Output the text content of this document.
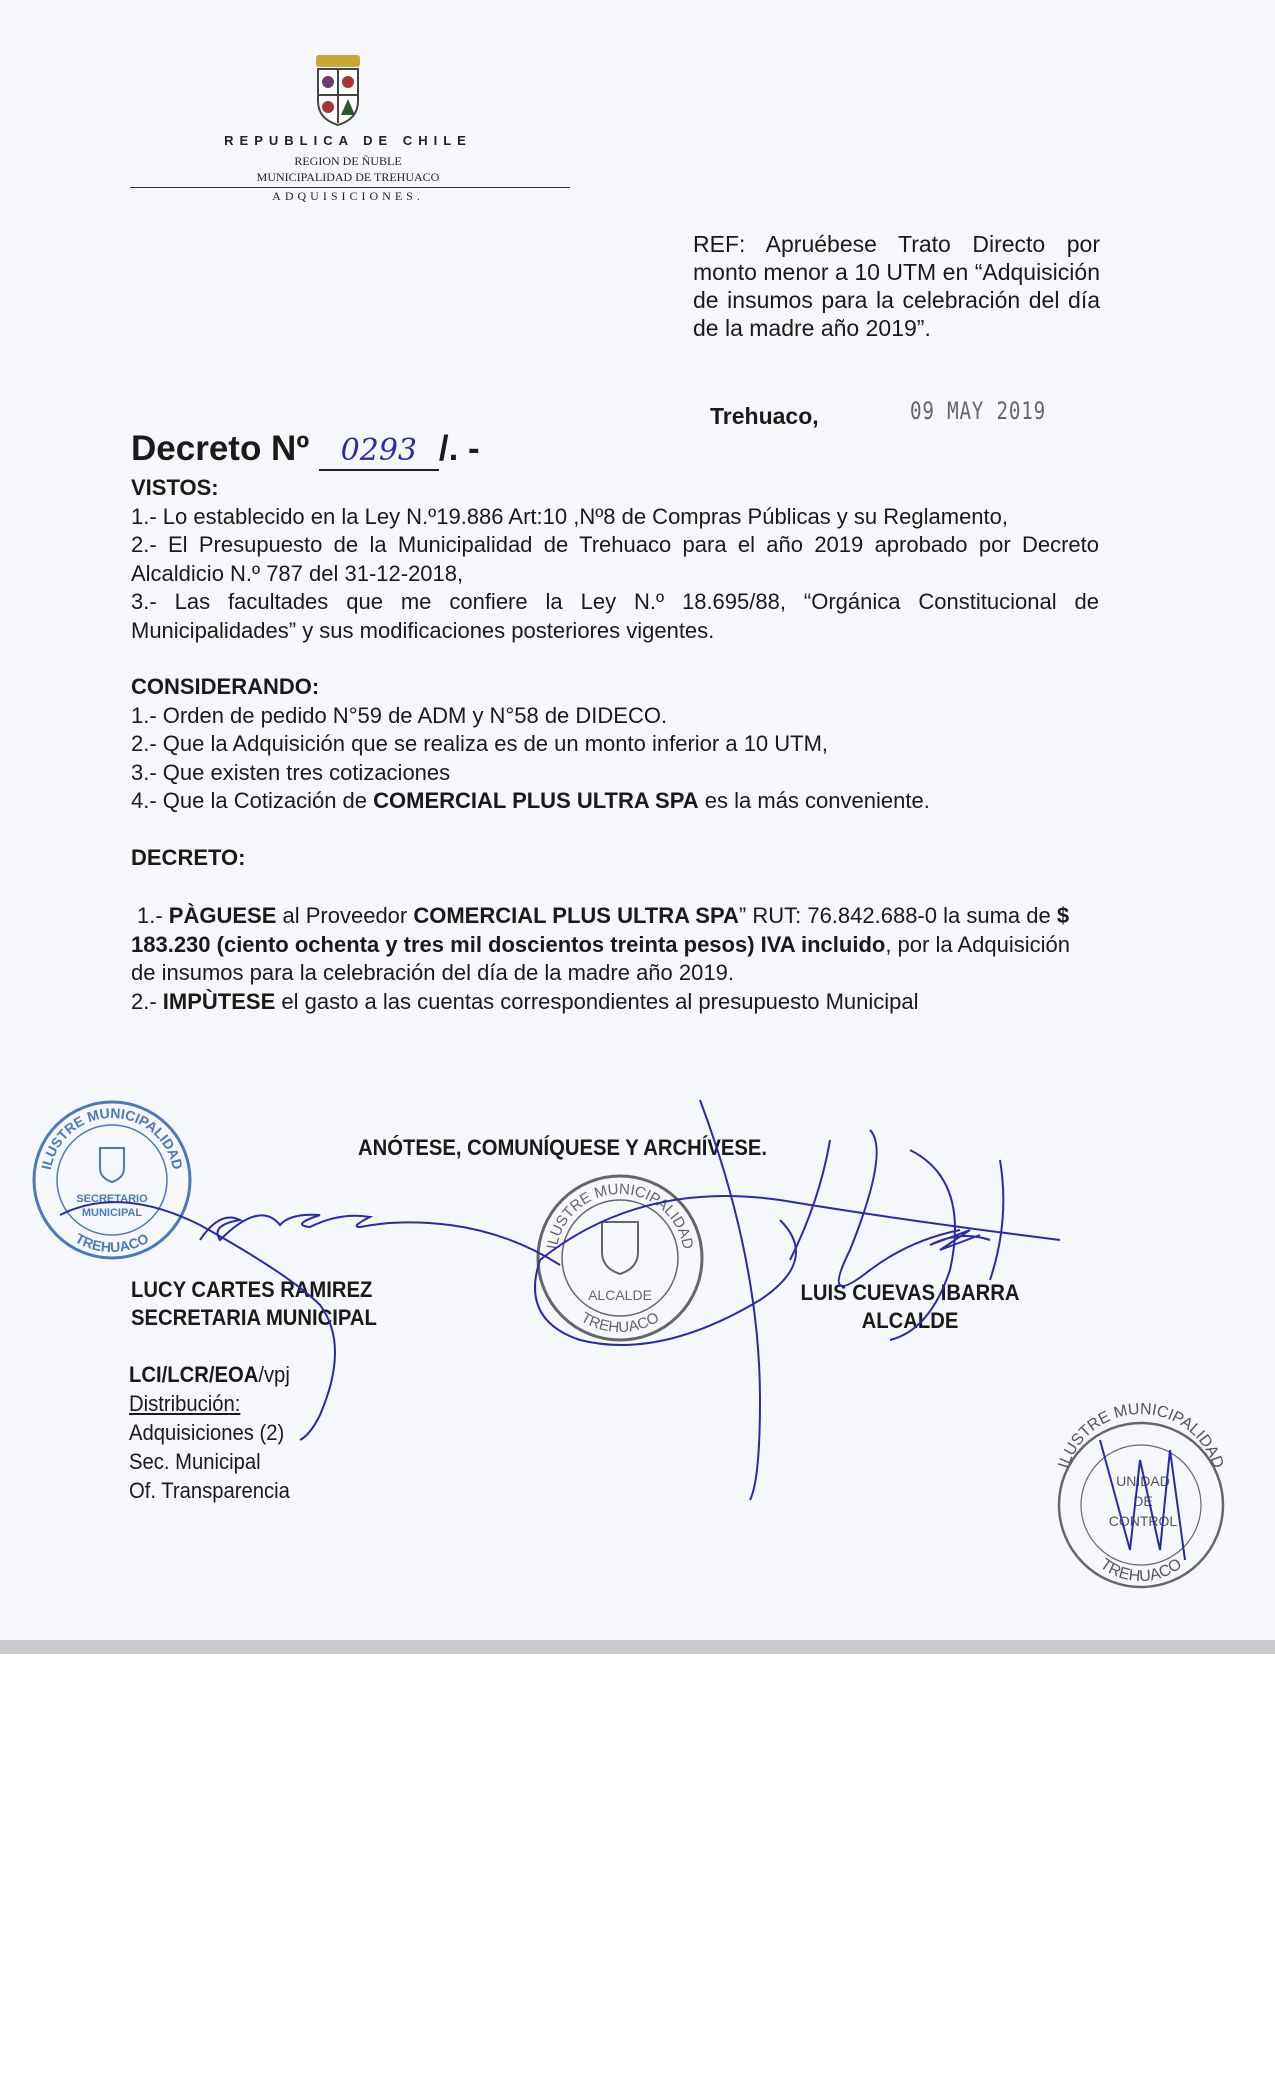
REPUBLICA DE CHILE
REGION DE ÑUBLE
MUNICIPALIDAD DE TREHUACO
ADQUISICIONES.
REF: Apruébese Trato Directo por monto menor a 10 UTM en “Adquisición de insumos para la celebración del día de la madre año 2019”.
Trehuaco,	09 MAY 2019
Decreto Nº 0293 /. -
VISTOS:
1.- Lo establecido en la Ley N.º19.886 Art:10 ,Nº8 de Compras Públicas y su Reglamento,
2.- El Presupuesto de la Municipalidad de Trehuaco para el año 2019 aprobado por Decreto Alcaldicio N.º 787 del 31-12-2018,
3.- Las facultades que me confiere la Ley N.º 18.695/88, “Orgánica Constitucional de Municipalidades” y sus modificaciones posteriores vigentes.
CONSIDERANDO:
1.- Orden de pedido N°59 de ADM y N°58 de DIDECO.
2.- Que la Adquisición que se realiza es de un monto inferior a 10 UTM,
3.- Que existen tres cotizaciones
4.- Que la Cotización de COMERCIAL PLUS ULTRA SPA es la más conveniente.
DECRETO:
1.- PÀGUESE al Proveedor COMERCIAL PLUS ULTRA SPA” RUT: 76.842.688-0 la suma de $ 183.230 (ciento ochenta y tres mil doscientos treinta pesos) IVA incluido, por la Adquisición de insumos para la celebración del día de la madre año 2019.
2.- IMPÙTESE el gasto a las cuentas correspondientes al presupuesto Municipal
ANÓTESE, COMUNÍQUESE Y ARCHÍVESE.
LUCY CARTES RAMIREZ
SECRETARIA MUNICIPAL
LUIS CUEVAS IBARRA
ALCALDE
LCI/LCR/EOA/vpj
Distribución:
Adquisiciones (2)
Sec. Municipal
Of. Transparencia
ILUSTRE MUNICIPALIDAD
TREHUACO
SECRETARIO
MUNICIPAL
ILUSTRE MUNICIPALIDAD
TREHUACO
ALCALDE
ILUSTRE MUNICIPALIDAD
TREHUACO
UNIDAD
DE
CONTROL
